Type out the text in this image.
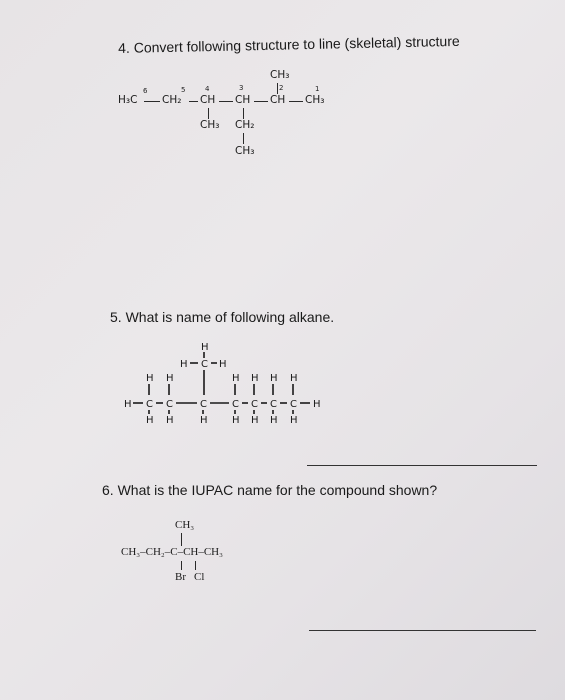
4. Convert following structure to line (skeletal) structure
6	5	4	3	2	1
CH₃
H₃C CH₂ CH CH CH CH₃
CH₃ CH₂
CH₃
5. What is name of following alkane.
H
H C H
H H	H H H H
H C C	C	C C C C H
H H	H H H H H
6. What is the IUPAC name for the compound shown?
CH₃
CH₃–CH₂–C–CH–CH₃
Br Cl
